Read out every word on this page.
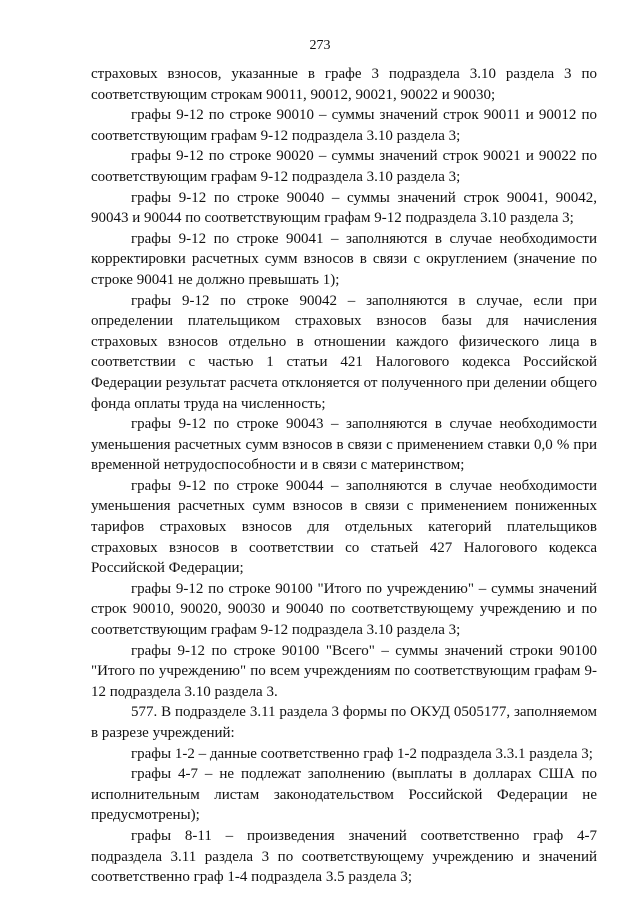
273

страховых взносов, указанные в графе 3 подраздела 3.10 раздела 3 по соответствующим строкам 90011, 90012, 90021, 90022 и 90030;

графы 9-12 по строке 90010 – суммы значений строк 90011 и 90012 по соответствующим графам 9-12 подраздела 3.10 раздела 3;

графы 9-12 по строке 90020 – суммы значений строк 90021 и 90022 по соответствующим графам 9-12 подраздела 3.10 раздела 3;

графы 9-12 по строке 90040 – суммы значений строк 90041, 90042, 90043 и 90044 по соответствующим графам 9-12 подраздела 3.10 раздела 3;

графы 9-12 по строке 90041 – заполняются в случае необходимости корректировки расчетных сумм взносов в связи с округлением (значение по строке 90041 не должно превышать 1);

графы 9-12 по строке 90042 – заполняются в случае, если при определении плательщиком страховых взносов базы для начисления страховых взносов отдельно в отношении каждого физического лица в соответствии с частью 1 статьи 421 Налогового кодекса Российской Федерации результат расчета отклоняется от полученного при делении общего фонда оплаты труда на численность;

графы 9-12 по строке 90043 – заполняются в случае необходимости уменьшения расчетных сумм взносов в связи с применением ставки 0,0 % при временной нетрудоспособности и в связи с материнством;

графы 9-12 по строке 90044 – заполняются в случае необходимости уменьшения расчетных сумм взносов в связи с применением пониженных тарифов страховых взносов для отдельных категорий плательщиков страховых взносов в соответствии со статьей 427 Налогового кодекса Российской Федерации;

графы 9-12 по строке 90100 "Итого по учреждению" – суммы значений строк 90010, 90020, 90030 и 90040 по соответствующему учреждению и по соответствующим графам 9-12 подраздела 3.10 раздела 3;

графы 9-12 по строке 90100 "Всего" – суммы значений строки 90100 "Итого по учреждению" по всем учреждениям по соответствующим графам 9-12 подраздела 3.10 раздела 3.

577. В подразделе 3.11 раздела 3 формы по ОКУД 0505177, заполняемом в разрезе учреждений:

графы 1-2 – данные соответственно граф 1-2 подраздела 3.3.1 раздела 3;

графы 4-7 – не подлежат заполнению (выплаты в долларах США по исполнительным листам законодательством Российской Федерации не предусмотрены);

графы 8-11 – произведения значений соответственно граф 4-7 подраздела 3.11 раздела 3 по соответствующему учреждению и значений соответственно граф 1-4 подраздела 3.5 раздела 3;
